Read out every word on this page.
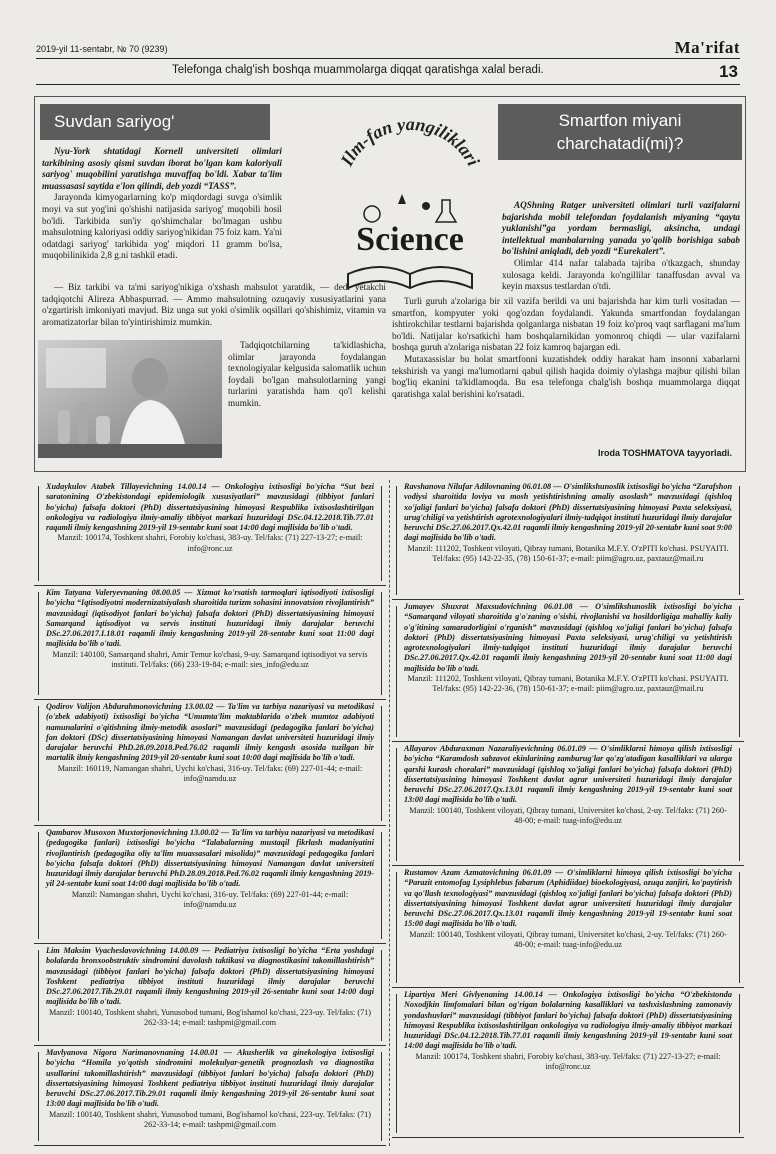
2019-yil 11-sentabr, № 70 (9239)	Ma'rifat
Telefonga chalg'ish boshqa muammolarga diqqat qaratishga xalal beradi.	13
Suvdan sariyog'

Nyu-York shtatidagi Kornell universiteti olimlari tarkibining asosiy qismi suvdan iborat bo'lgan kam kaloriyali sariyog' muqobilini yaratishga muvaffaq bo'ldi. Xabar ta'lim muassasasi saytida e'lon qilindi, deb yozdi “TASS”.

Jarayonda kimyogarlarning ko'p miqdordagi suvga o'simlik moyi va sut yog'ini qo'shishi natijasida sariyog' muqobili hosil bo'ldi. Tarkibida sun'iy qo'shimchalar bo'lmagan ushbu mahsulotning kaloriyasi oddiy sariyog'nikidan 75 foiz kam. Ya'ni odatdagi sariyog' tarkibida yog' miqdori 11 gramm bo'lsa, muqobilinikida 2,8 g.ni tashkil etadi.

— Biz tarkibi va ta'mi sariyog'nikiga o'xshash mahsulot yaratdik, — dedi yetakchi tadqiqotchi Alireza Abbaspurrad. — Ammo mahsulotning ozuqaviy xususiyatlarini yana o'zgartirish imkoniyati mavjud. Biz unga sut yoki o'simlik oqsillari qo'shishimiz, vitamin va aromatizatorlar bilan to'yintirishimiz mumkin.

Tadqiqotchilarning ta'kidlashicha, olimlar jarayonda foydalangan texnologiyalar kelgusida salomatlik uchun foydali bo'lgan mahsulotlarning yangi turlarini yaratishda ham qo'l kelishi mumkin.

Ilm-fan yangiliklari
Science
Smartfon miyani
charchatadi(mi)?

AQShning Ratger universiteti olimlari turli vazifalarni bajarishda mobil telefondan foydalanish miyaning “qayta yuklanishi”ga yordam bermasligi, aksincha, undagi intellektual manbalarning yanada yo'qolib borishiga sabab bo'lishini aniqladi, deb yozdi “Eurekalert”.

Olimlar 414 nafar talabada tajriba o'tkazgach, shunday xulosaga keldi. Jarayonda ko'ngillilar tanaffusdan avval va keyin maxsus testlardan o'tdi.

Turli guruh a'zolariga bir xil vazifa berildi va uni bajarishda har kim turli vositadan — smartfon, kompyuter yoki qog'ozdan foydalandi. Yakunda smartfondan foydalangan ishtirokchilar testlarni bajarishda qolganlarga nisbatan 19 foiz ko'proq vaqt sarflagani ma'lum bo'ldi. Natijalar ko'rsatkichi ham boshqalarnikidan yomonroq chiqdi — ular vazifalarni boshqa guruh a'zolariga nisbatan 22 foiz kamroq bajargan edi.

Mutaxassislar bu holat smartfonni kuzatishdek oddiy harakat ham insonni xabarlarni tekshirish va yangi ma'lumotlarni qabul qilish haqida doimiy o'ylashga majbur qilishi bilan bog'liq ekanini ta'kidlamoqda. Bu esa telefonga chalg'ish boshqa muammolarga diqqat qaratishga xalal berishini ko'rsatadi.

Iroda TOSHMATOVA tayyorladi.
Xudaykulov Atabek Tillayevichning 14.00.14 — Onkologiya ixtisosligi bo'yicha “Sut bezi saratonining O'zbekistondagi epidemiologik xususiyatlari” mavzusidagi (tibbiyot fanlari bo'yicha) falsafa doktori (PhD) dissertatsiyasining himoyasi Respublika ixtisoslashtirilgan onkologiya va radiologiya ilmiy-amaliy tibbiyot markazi huzuridagi DSc.04.12.2018.Tib.77.01 raqamli ilmiy kengashning 2019-yil 19-sentabr kuni soat 14:00 dagi majlisida bo'lib o'tadi.
Manzil: 100174, Toshkent shahri, Forobiy ko'chasi, 383-uy. Tel/faks: (71) 227-13-27; e-mail: info@ronc.uz
Kim Tatyana Valeryevnaning 08.00.05 — Xizmat ko'rsatish tarmoqlari iqtisodiyoti ixtisosligi bo'yicha “Iqtisodiyotni modernizatsiyalash sharoitida turizm sohasini innovatsion rivojlantirish” mavzusidagi (iqtisodiyot fanlari bo'yicha) falsafa doktori (PhD) dissertatsiyasining himoyasi Samarqand iqtisodiyot va servis instituti huzuridagi ilmiy darajalar beruvchi DSc.27.06.2017.I.18.01 raqamli ilmiy kengashning 2019-yil 28-sentabr kuni soat 11:00 dagi majlisida bo'lib o'tadi.
Manzil: 140100, Samarqand shahri, Amir Temur ko'chasi, 9-uy. Samarqand iqtisodiyot va servis instituti. Tel/faks: (66) 233-19-84; e-mail: sies_info@edu.uz
Qodirov Valijon Abdurahmonovichning 13.00.02 — Ta'lim va tarbiya nazariyasi va metodikasi (o'zbek adabiyoti) ixtisosligi bo'yicha “Umumta'lim maktablarida o'zbek mumtoz adabiyoti namunalarini o'qitishning ilmiy-metodik asoslari” mavzusidagi (pedagogika fanlari bo'yicha) fan doktori (DSc) dissertatsiyasining himoyasi Namangan davlat universiteti huzuridagi ilmiy darajalar beruvchi PhD.28.09.2018.Ped.76.02 raqamli ilmiy kengash asosida tuzilgan bir martalik ilmiy kengashning 2019-yil 20-sentabr kuni soat 10:00 dagi majlisida bo'lib o'tadi.
Manzil: 160119, Namangan shahri, Uychi ko'chasi, 316-uy. Tel/faks: (69) 227-01-44; e-mail: info@namdu.uz
Qambarov Musoxon Muxtorjonovichning 13.00.02 — Ta'lim va tarbiya nazariyasi va metodikasi (pedagogika fanlari) ixtisosligi bo'yicha “Talabalarning mustaqil fikrlash madaniyatini rivojlantirish (pedagogika oliy ta'lim muassasalari misolida)” mavzusidagi pedagogika fanlari bo'yicha falsafa doktori (PhD) dissertatsiyasining himoyasi Namangan davlat universiteti huzuridagi ilmiy darajalar beruvchi PhD.28.09.2018.Ped.76.02 raqamli ilmiy kengashning 2019-yil 24-sentabr kuni soat 14:00 dagi majlisida bo'lib o'tadi.
Manzil: Namangan shahri, Uychi ko'chasi, 316-uy. Tel/faks: (69) 227-01-44; e-mail: info@namdu.uz
Lim Maksim Vyacheslavovichning 14.00.09 — Pediatriya ixtisosligi bo'yicha “Erta yoshdagi bolalarda bronxoobstruktiv sindromini davolash taktikasi va diagnostikasini takomillashtirish” mavzusidagi (tibbiyot fanlari bo'yicha) falsafa doktori (PhD) dissertatsiyasining himoyasi Toshkent pediatriya tibbiyot instituti huzuridagi ilmiy darajalar beruvchi DSc.27.06.2017.Tib.29.01 raqamli ilmiy kengashning 2019-yil 26-sentabr kuni soat 14:00 dagi majlisida bo'lib o'tadi.
Manzil: 100140, Toshkent shahri, Yunusobod tumani, Bog'ishamol ko'chasi, 223-uy. Tel/faks: (71) 262-33-14; e-mail: tashpmi@gmail.com
Mavlyanova Nigora Narimanovnaning 14.00.01 — Akusherlik va ginekologiya ixtisosligi bo'yicha “Homila yo'qotish sindromini molekulyar-genetik prognozlash va diagnostika usullarini takomillashtirish” mavzusidagi (tibbiyot fanlari bo'yicha) falsafa doktori (PhD) dissertatsiyasining himoyasi Toshkent pediatriya tibbiyot instituti huzuridagi ilmiy darajalar beruvchi DSc.27.06.2017.Tib.29.01 raqamli ilmiy kengashning 2019-yil 26-sentabr kuni soat 13:00 dagi majlisida bo'lib o'tadi.
Manzil: 100140, Toshkent shahri, Yunusobod tumani, Bog'ishamol ko'chasi, 223-uy. Tel/faks: (71) 262-33-14; e-mail: tashpmi@gmail.com
Ravshanova Nilufar Adilovnaning 06.01.08 — O'simlikshunoslik ixtisosligi bo'yicha “Zarafshon vodiysi sharoitida loviya va mosh yetishtirishning amaliy asoslash” mavzusidagi (qishloq xo'jaligi fanlari bo'yicha) falsafa doktori (PhD) dissertatsiyasining himoyasi Paxta seleksiyasi, urug'chiligi va yetishtirish agrotexnologiyalari ilmiy-tadqiqot instituti huzuridagi ilmiy darajalar beruvchi DSc.27.06.2017.Qx.42.01 raqamli ilmiy kengashning 2019-yil 20-sentabr kuni soat 9:00 dagi majlisida bo'lib o'tadi.
Manzil: 111202, Toshkent viloyati, Qibray tumani, Botanika M.F.Y. O'zPITI ko'chasi. PSUYAITI. Tel/faks: (95) 142-22-35, (78) 150-61-37; e-mail: piim@agro.uz, paxtauz@mail.ru
Jumayev Shuxrat Maxsudovichning 06.01.08 — O'simlikshunoslik ixtisosligi bo'yicha “Samarqand viloyati sharoitida g'o'zaning o'sishi, rivojlanishi va hosildorligiga mahalliy kaliy o'g'itining samaradorligini o'rganish” mavzusidagi (qishloq xo'jaligi fanlari bo'yicha) falsafa doktori (PhD) dissertatsiyasining himoyasi Paxta seleksiyasi, urug'chiligi va yetishtirish agrotexnologiyalari ilmiy-tadqiqot instituti huzuridagi ilmiy darajalar beruvchi DSc.27.06.2017.Qx.42.01 raqamli ilmiy kengashning 2019-yil 20-sentabr kuni soat 11:00 dagi majlisida bo'lib o'tadi.
Manzil: 111202, Toshkent viloyati, Qibray tumani, Botanika M.F.Y. O'zPITI ko'chasi. PSUYAITI. Tel/faks: (95) 142-22-36, (78) 150-61-37; e-mail: piim@agro.uz, paxtauz@mail.ru
Allayarov Abduraxman Nazaraliyevichning 06.01.09 — O'simliklarni himoya qilish ixtisosligi bo'yicha “Karamdosh sabzavot ekinlarining zamburug'lar qo'zg'atadigan kasalliklari va ularga qarshi kurash choralari” mavzusidagi (qishloq xo'jaligi fanlari bo'yicha) falsafa doktori (PhD) dissertatsiyasining himoyasi Toshkent davlat agrar universiteti huzuridagi ilmiy darajalar beruvchi DSc.27.06.2017.Qx.13.01 raqamli ilmiy kengashning 2019-yil 19-sentabr kuni soat 13:00 dagi majlisida bo'lib o'tadi.
Manzil: 100140, Toshkent viloyati, Qibray tumani, Universitet ko'chasi, 2-uy. Tel/faks: (71) 260-48-00; e-mail: tuag-info@edu.uz
Rustamov Azam Azmatovichning 06.01.09 — O'simliklarni himoya qilish ixtisosligi bo'yicha “Parazit entomofag Lysiphlebus fabarum (Aphidiidae) bioekologiyasi, ozuqa zanjiri, ko'paytirish va qo'llash texnologiyasi” mavzusidagi (qishloq xo'jaligi fanlari bo'yicha) falsafa doktori (PhD) dissertatsiyasining himoyasi Toshkent davlat agrar universiteti huzuridagi ilmiy darajalar beruvchi DSc.27.06.2017.Qx.13.01 raqamli ilmiy kengashning 2019-yil 19-sentabr kuni soat 15:00 dagi majlisida bo'lib o'tadi.
Manzil: 100140, Toshkent viloyati, Qibray tumani, Universitet ko'chasi, 2-uy. Tel/faks: (71) 260-48-00; e-mail: tuag-info@edu.uz
Lipartiya Meri Givlyenaning 14.00.14 — Onkologiya ixtisosligi bo'yicha “O'zbekistonda Noxodjkin limfomalari bilan og'rigan bolalarning kasalliklari va tashxislashning zamonaviy yondashuvlari” mavzusidagi (tibbiyot fanlari bo'yicha) falsafa doktori (PhD) dissertatsiyasining himoyasi Respublika ixtisoslashtirilgan onkologiya va radiologiya ilmiy-amaliy tibbiyot markazi huzuridagi DSc.04.12.2018.Tib.77.01 raqamli ilmiy kengashning 2019-yil 19-sentabr kuni soat 14:00 dagi majlisida bo'lib o'tadi.
Manzil: 100174, Toshkent shahri, Forobiy ko'chasi, 383-uy. Tel/faks: (71) 227-13-27; e-mail: info@ronc.uz
